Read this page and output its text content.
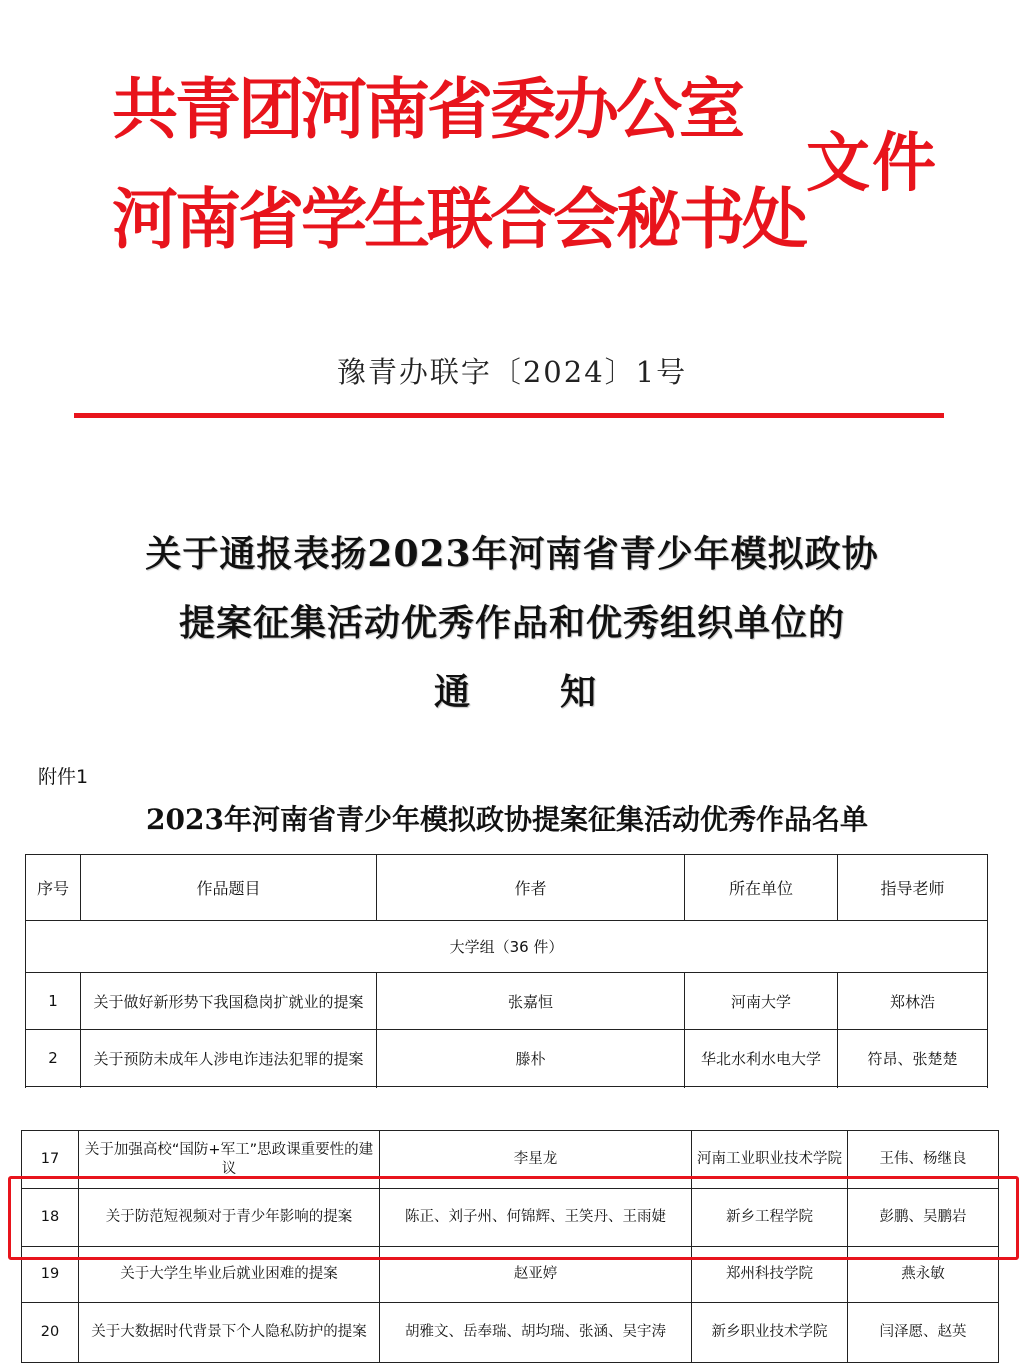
共青团河南省委办公室
河南省学生联合会秘书处
文件
豫青办联字〔2024〕1号
关于通报表扬2023年河南省青少年模拟政协
提案征集活动优秀作品和优秀组织单位的
通知
附件1
2023年河南省青少年模拟政协提案征集活动优秀作品名单
序号	作品题目	作者	所在单位	指导老师
大学组（36 件）				
1	关于做好新形势下我国稳岗扩就业的提案	张嘉恒	河南大学	郑林浩
2	关于预防未成年人涉电诈违法犯罪的提案	滕朴	华北水利水电大学	符昂、张楚楚

17	关于加强高校“国防+军工”思政课重要性的建议	李星龙	河南工业职业技术学院	王伟、杨继良
18	关于防范短视频对于青少年影响的提案	陈正、刘子州、何锦辉、王笑丹、王雨婕	新乡工程学院	彭鹏、吴鹏岩
19	关于大学生毕业后就业困难的提案	赵亚婷	郑州科技学院	燕永敏
20	关于大数据时代背景下个人隐私防护的提案	胡雅文、岳奉瑞、胡均瑞、张涵、吴宇涛	新乡职业技术学院	闫泽愿、赵英
